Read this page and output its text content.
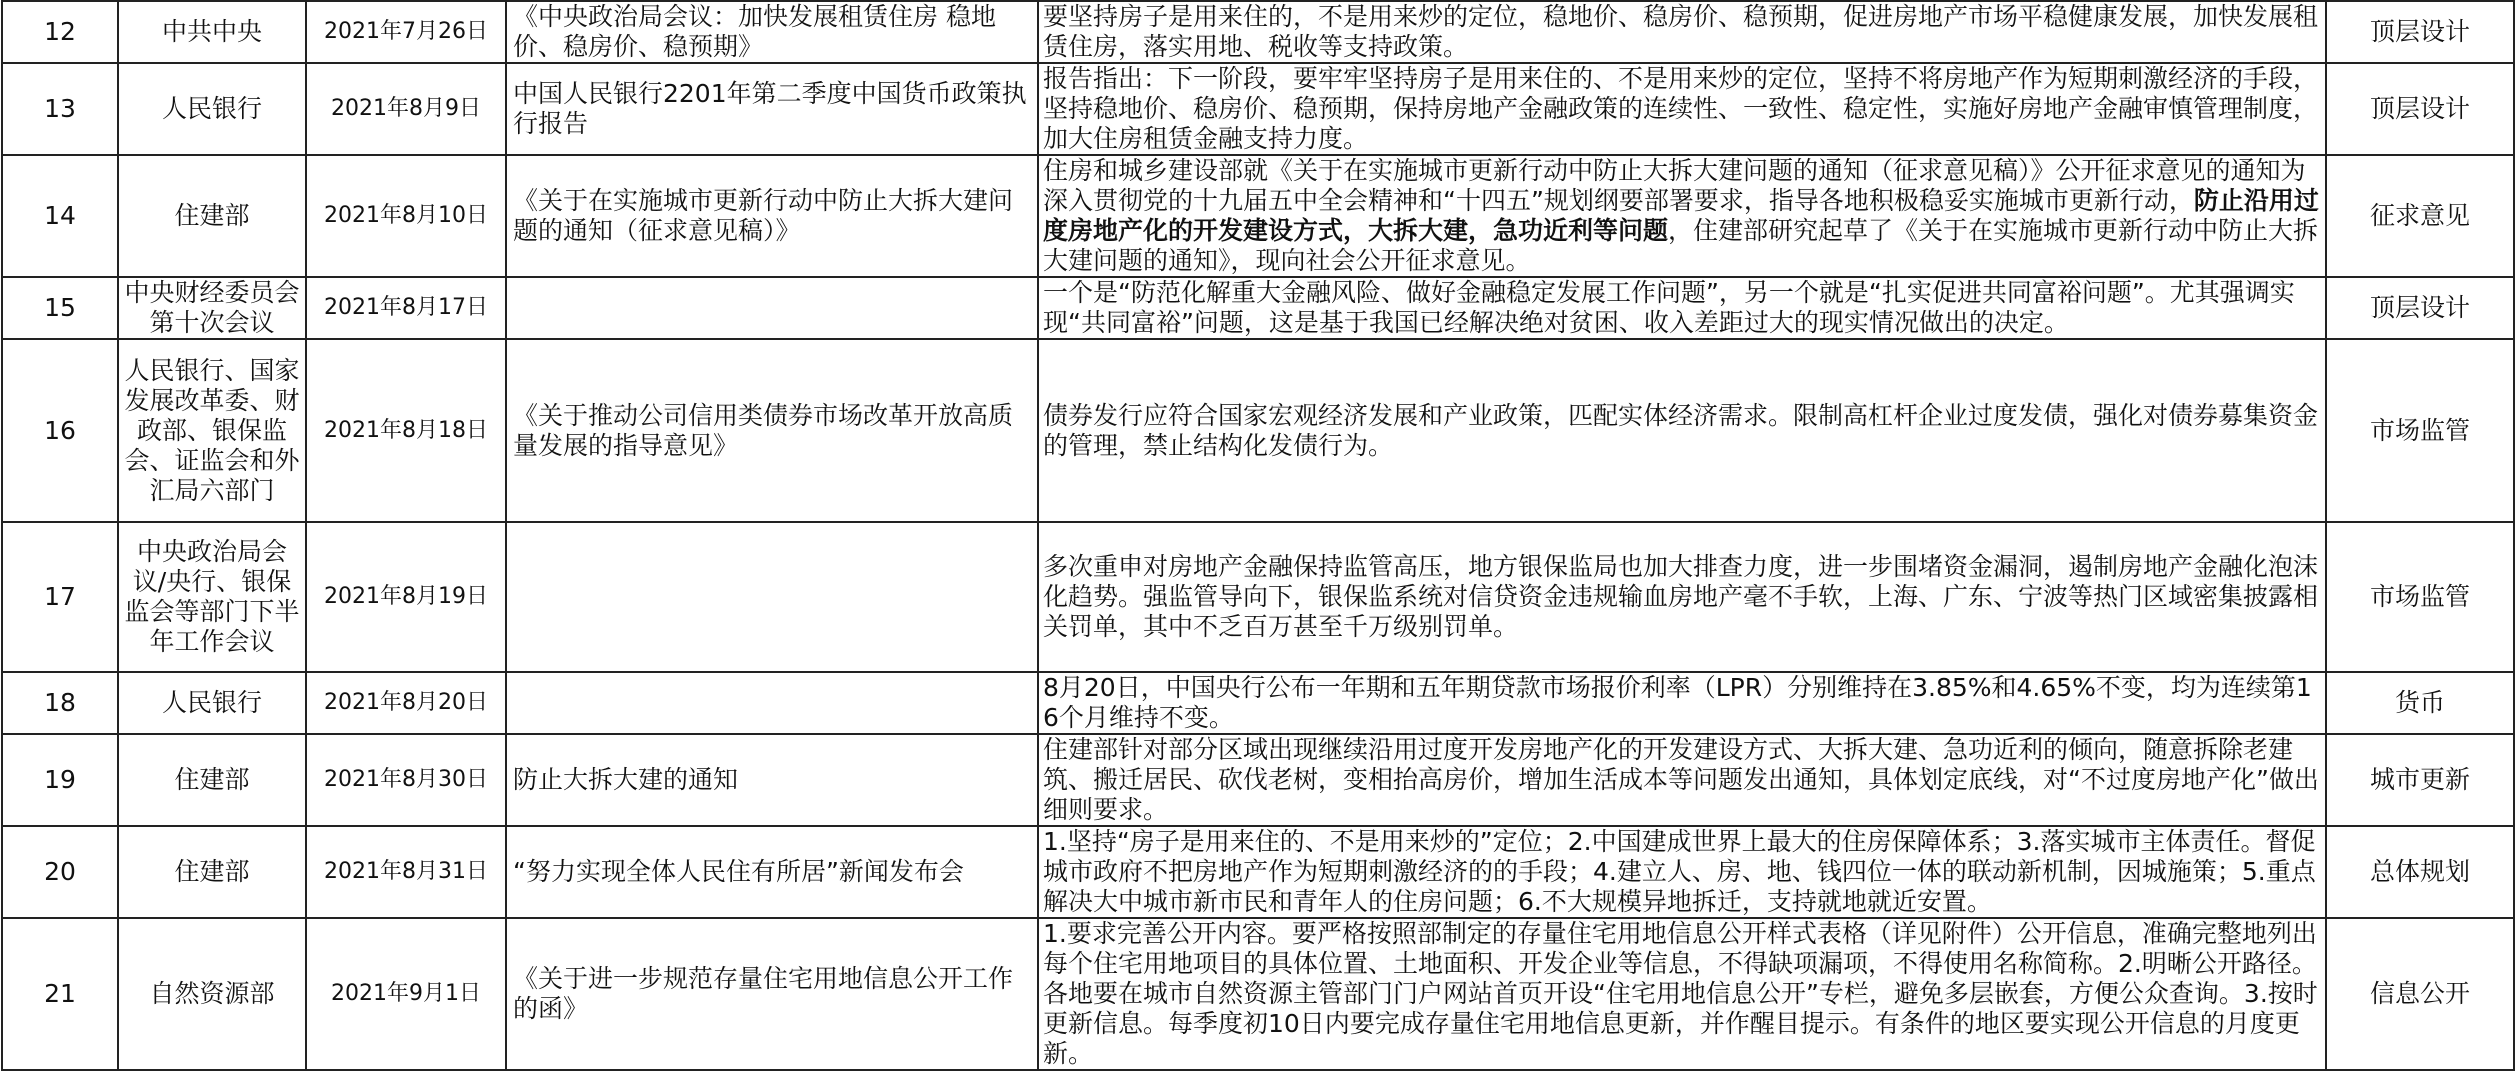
12	中共中央	2021年7月26日	《中央政治局会议：加快发展租赁住房 稳地价、稳房价、稳预期》	要坚持房子是用来住的，不是用来炒的定位，稳地价、稳房价、稳预期，促进房地产市场平稳健康发展，加快发展租赁住房，落实用地、税收等支持政策。	顶层设计
13	人民银行	2021年8月9日	中国人民银行2201年第二季度中国货币政策执行报告	报告指出：下一阶段，要牢牢坚持房子是用来住的、不是用来炒的定位，坚持不将房地产作为短期刺激经济的手段，坚持稳地价、稳房价、稳预期，保持房地产金融政策的连续性、一致性、稳定性，实施好房地产金融审慎管理制度，加大住房租赁金融支持力度。	顶层设计
14	住建部	2021年8月10日	《关于在实施城市更新行动中防止大拆大建问题的通知（征求意见稿）》	住房和城乡建设部就《关于在实施城市更新行动中防止大拆大建问题的通知（征求意见稿）》公开征求意见的通知为深入贯彻党的十九届五中全会精神和“十四五”规划纲要部署要求，指导各地积极稳妥实施城市更新行动，防止沿用过度房地产化的开发建设方式，大拆大建，急功近利等问题，住建部研究起草了《关于在实施城市更新行动中防止大拆大建问题的通知》，现向社会公开征求意见。	征求意见
15	中央财经委员会第十次会议	2021年8月17日		一个是“防范化解重大金融风险、做好金融稳定发展工作问题”，另一个就是“扎实促进共同富裕问题”。尤其强调实现“共同富裕”问题，这是基于我国已经解决绝对贫困、收入差距过大的现实情况做出的决定。	顶层设计
16	人民银行、国家发展改革委、财政部、银保监会、证监会和外汇局六部门	2021年8月18日	《关于推动公司信用类债券市场改革开放高质量发展的指导意见》	债券发行应符合国家宏观经济发展和产业政策，匹配实体经济需求。限制高杠杆企业过度发债，强化对债券募集资金的管理，禁止结构化发债行为。	市场监管
17	中央政治局会议/央行、银保监会等部门下半年工作会议	2021年8月19日		多次重申对房地产金融保持监管高压，地方银保监局也加大排查力度，进一步围堵资金漏洞，遏制房地产金融化泡沫化趋势。强监管导向下，银保监系统对信贷资金违规输血房地产毫不手软，上海、广东、宁波等热门区域密集披露相关罚单，其中不乏百万甚至千万级别罚单。	市场监管
18	人民银行	2021年8月20日		8月20日，中国央行公布一年期和五年期贷款市场报价利率（LPR）分别维持在3.85%和4.65%不变，均为连续第16个月维持不变。	货币
19	住建部	2021年8月30日	防止大拆大建的通知	住建部针对部分区域出现继续沿用过度开发房地产化的开发建设方式、大拆大建、急功近利的倾向，随意拆除老建筑、搬迁居民、砍伐老树，变相抬高房价，增加生活成本等问题发出通知，具体划定底线，对“不过度房地产化”做出细则要求。	城市更新
20	住建部	2021年8月31日	“努力实现全体人民住有所居”新闻发布会	1.坚持“房子是用来住的、不是用来炒的”定位；2.中国建成世界上最大的住房保障体系；3.落实城市主体责任。督促城市政府不把房地产作为短期刺激经济的的手段；4.建立人、房、地、钱四位一体的联动新机制，因城施策；5.重点解决大中城市新市民和青年人的住房问题；6.不大规模异地拆迁，支持就地就近安置。	总体规划
21	自然资源部	2021年9月1日	《关于进一步规范存量住宅用地信息公开工作的函》	1.要求完善公开内容。要严格按照部制定的存量住宅用地信息公开样式表格（详见附件）公开信息，准确完整地列出每个住宅用地项目的具体位置、土地面积、开发企业等信息，不得缺项漏项，不得使用名称简称。2.明晰公开路径。各地要在城市自然资源主管部门门户网站首页开设“住宅用地信息公开”专栏，避免多层嵌套，方便公众查询。3.按时更新信息。每季度初10日内要完成存量住宅用地信息更新，并作醒目提示。有条件的地区要实现公开信息的月度更新。	信息公开
